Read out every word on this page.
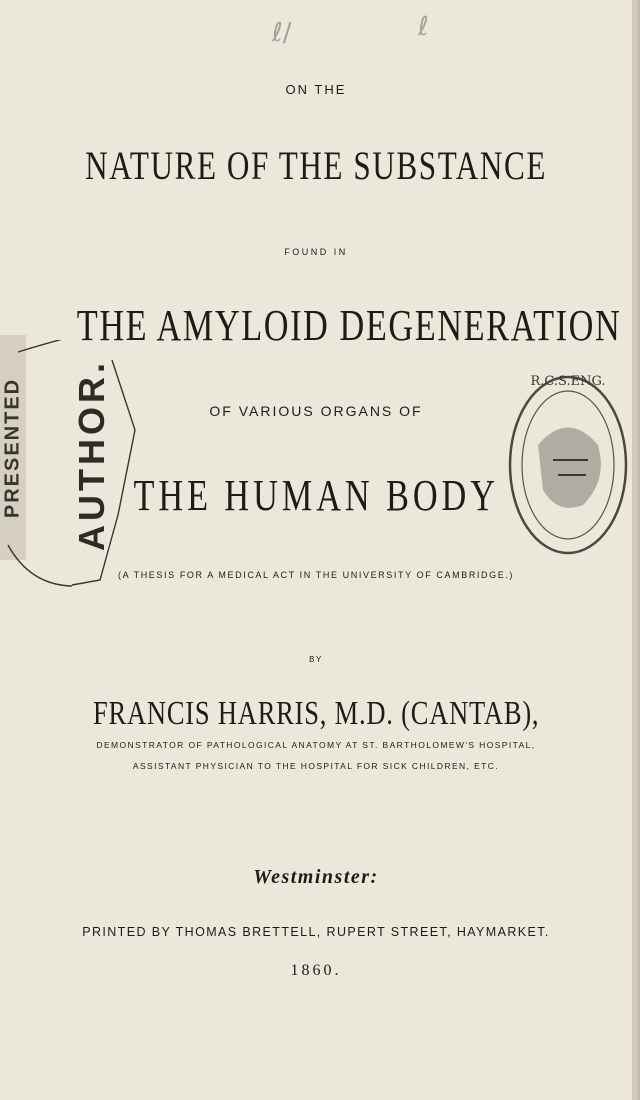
ℓ/	ℓ
ON THE
NATURE OF THE SUBSTANCE
FOUND IN
THE AMYLOID DEGENERATION
OF VARIOUS ORGANS OF
THE HUMAN BODY
(A THESIS FOR A MEDICAL ACT IN THE UNIVERSITY OF CAMBRIDGE.)
BY
FRANCIS HARRIS, M.D. (CANTAB),
DEMONSTRATOR OF PATHOLOGICAL ANATOMY AT ST. BARTHOLOMEW'S HOSPITAL,
ASSISTANT PHYSICIAN TO THE HOSPITAL FOR SICK CHILDREN, ETC.
Westminster:
PRINTED BY THOMAS BRETTELL, RUPERT STREET, HAYMARKET.
1860.
PRESENTED AUTHOR.	R.C.S.ENG.
